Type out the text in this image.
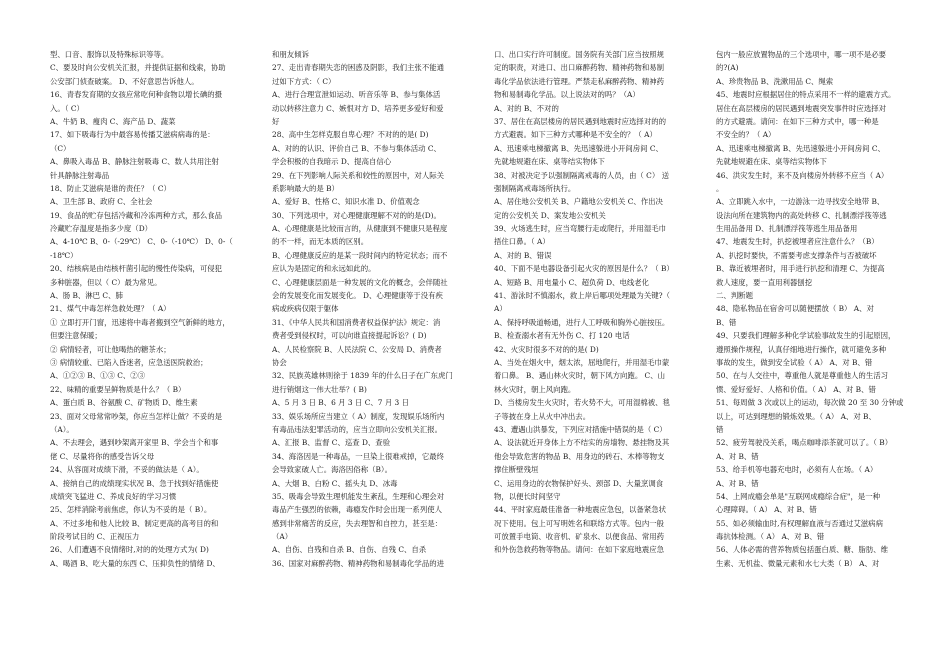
型、口音、服饰以及特殊标识等等。
C、要及时向公安机关汇报，并提供证据和线索，协助
公安部门侦查破案。 D、不好意思告诉他人。
16、青春发育期的女孩应常吃何种食物以增长碘的摄
入。（ C）
A、牛奶 B、瘦肉 C、海产品 D、蔬菜
17、如下吸毒行为中最容易传播艾滋病病毒的是：
（C）
A、鼻吸入毒品 B、静脉注射吸毒 C、数人共用注射
针具静脉注射毒品
18、防止艾滋病是谁的责任？（ C）
A、卫生部 B、政府 C、全社会
19、食品的贮存包括冷藏和冷冻两种方式，那么食品
冷藏贮存温度是指多少度（D）
A、4-10℃ B、0-（-29℃） C、0-（-10℃） D、0-（
-18℃）
20、结核病是由结核杆菌引起的慢性传染病，可侵犯
多种脏器，但以（ C）最为常见。
A、肠 B、淋巴 C、肺
21、煤气中毒怎样急救处理？（ A）
① 立即打开门窗，迅速将中毒者搬到空气新鲜的地方，
但要注意保暖；
② 病情轻者，可让他喝热的糖茶水；
③ 病情较重、已陷入昏迷者，应急送医院救治；
A、①②③ B、①③ C、②③
22、味精的重要呈鲜物质是什么？（ B）
A、蛋白质 B、谷氨酸 C、矿物质 D、维生素
23、面对父母常常吵架，你应当怎样让做？不妥的是
（A）。
A、不去理会，遇到吵架离开家里 B、学会当个和事
佬 C、尽量将你的感受告诉父母
24、从容面对成绩下滑，不妥的做法是（ A）。
A、接纳自己的成绩现实状况 B、急于找到好措施使
成绩突飞猛进 C、养成良好的学习习惯
25、怎样消除考前焦虑，你认为不妥的是（ B）。
A、不过多地和他人比较 B、制定更高的高考目的和
阶段考试目的 C、正视压力
26、人们遭遇不良情绪时,对的的处理方式为( D)
A、喝酒 B、吃大量的东西 C、压抑负性的情绪 D、
和朋友倾诉
27、走出青春期失恋的困惑及阴影，我们主张不能通
过如下方式：（ C）
A、进行合理宣泄如运动、听音乐等 B、参与集体活
动以转移注意力 C、嫉恨对方 D、培养更多爱好和爱
好
28、高中生怎样克服自卑心理？不对的的是( D)
A、对的的认识、评价自己 B、不参与集体活动 C、
学会积极的自我暗示 D、提高自信心
29、在下列影响人际关系和较性的原因中，对人际关
系影响最大的是 B）
A、爱好 B、性格 C、知识水准 D、价值观念
30、下列选项中，对心理健康理解不对的的是(D)。
A、心理健康是比较而言的，从健康到不健康只是程度
的不一样，而无本质的区别。
B、心理健康反应的是某一段时间内的特定状态；而不
应认为是固定的和永远如此的。
C、心理健康层面是一种发展的文化的概念，会伴随社
会的发展变化而发展变化。 D、心理健康等于没有疾
病或疾病仅限于躯体
31、《中华人民共和国消费者权益保护法》规定：消
费者受到侵权时，可以向谁直接提起诉讼？( D)
A、人民检察院 B、人民法院 C、公安局 D、消费者
协会
32、民族英雄林则徐于 1839 年的什么日子在广东虎门
进行销烟这一伟大壮举？( B)
A、5 月 3 日 B、6 月 3 日 C、7 月 3 日
33、娱乐场所应当建立（ A）制度，发现娱乐场所内
有毒品违法犯罪活动的，应当立即向公安机关汇报。
A、汇报 B、监督 C、巡查 D、查验
34、海洛因是一种毒品，一旦染上很难戒掉，它最终
会导致家破人亡。海洛因俗称（B）。
A、大烟 B、白粉 C、摇头丸 D、冰毒
35、吸毒会导致生理机能发生紊乱，生理和心理会对
毒品产生强烈的依赖，毒瘾发作时会出现一系列使人
感到非常痛苦的反应，失去理智和自控力，甚至是：
（A）
A、自伤、自残和自杀 B、自伤、自残 C、自杀
36、国家对麻醉药物、精神药物和易制毒化学品的进
口、出口实行许可制度。国务院有关部门应当按照规
定的职责，对进口、出口麻醉药物、精神药物和易制
毒化学品依法进行管理。严禁走私麻醉药物、精神药
物和易制毒化学品。以上说法对的吗？（A）
A、对的 B、不对的
37、居住在高层楼房的居民遇到地震时应选择对的的
方式避震。如下三种方式哪种是不安全的？（ A）
A、迅速乘电梯撤离 B、先迅速躲进小开间房间 C、
先就地规避在床、桌等结实物体下
38、对被决定予以强制隔离戒毒的人员，由（ C） 送
强制隔离戒毒场所执行。
A、居住地公安机关 B、户籍地公安机关 C、作出决
定的公安机关 D、案发地公安机关
39、火场逃生时，应当弯腰行走或爬行，并用湿毛巾
捂住口鼻。（ A）
A、对的 B、错误
40、下面不是电器设备引起火灾的原因是什么？（ B）
A、短路 B、用电量小 C、超负荷 D、电线老化
41、游泳时不慎溺水，救上岸后哪项处理最为关键?（
A）
A、保持呼吸道畅通，进行人工呼吸和胸外心脏按压。
B、检查溺水者有无外伤 C、打 120 电话
42、火灾时很多不对的的是( D)
A、当处在烟火中，烟太浓，屈地爬行，并用湿毛巾蒙
着口鼻。 B、遇山林火灾时，朝下风方向跑。 C、山
林火灾时，朝上风向跑。
D、当楼房发生火灾时，若火势不大，可用湿棉被、毯
子等披在身上从火中冲出去。
43、遭遇山洪暴发，下列应对措施中错误的是（ C）
A、设法就近开身体上方不结实的房墙物、悬挂物及其
他会导致危害的物品 B、用身边的砖石、木棒等物支
撑住断壁残垣
C、运用身边的衣物保护好头、颈部 D、大量烹调食
物，以便长时间坚守
44、平时家庭最佳准备一种地震应急包，以备紧急状
况下使用。包上可写明姓名和联络方式等。包内一般
可放置手电筒、收音机、矿泉水、以便食品、常用药
和外伤急救药物等物品。请问：在如下家庭地震应急
包内一般应放置物品的三个选项中，哪一项不是必要
的?(A)
A、珍贵物品 B、洗漱用品 C、绳索
45、地震时应根据居住的特点采用不一样的避震方式。
居住在高层楼房的居民遇到地震突发事件时应选择对
的方式避震。请问：在如下三种方式中，哪一种是
不安全的？（ A）
A、迅速乘电梯撤离 B、先迅速躲进小开间房间 C、
先就地规避在床、桌等结实物体下
46、洪灾发生时，来不及向楼房外转移不应当（ A）
。
A、立即跳入水中，一边游泳一边寻找安全地带 B、
设法向所在建筑物内的高处转移 C、扎制漂浮筏等逃
生用品备用 D、扎制漂浮筏等逃生用品备用
47、地震发生时，扒挖被埋者应注意什么？（B）
A、扒挖时要快，不需要考虑支撑条件与否被破坏
B、靠近被埋者时，用手进行扒挖和清理 C、为提高
救人速度，要一直用利器刨挖
二、判断题
48、隐私物品在宿舍可以随便摆放（ B） A、对
B、错
49、只要我们理解多种化学试验事故发生的引起原因，
遵照操作规程，认真仔细地进行操作，就可避免多种
事故的发生，做到安全试验（ A） A、对 B、错
50、在与人交往中，尊重他人就是尊重他人的生活习
惯、爱好爱好、人格和价值。（ A） A、对 B、错
51、每周做 3 次或以上的运动，每次做 20 至 30 分钟或
以上，可达到理想的锻炼效果。（ A） A、对 B、
错
52、疲劳驾驶没关系，喝点咖啡添茶就可以了。（ B）
A、对 B、错
53、给手机等电器充电时，必须有人在场。（ A）
A、对 B、错
54、上网成瘾会单是"互联网成瘾综合症"，是一种
心理障碍。（ A） A、对 B、错
55、如必须输血时,有权理解血液与否通过艾滋病病
毒抗体检测。（ A） A、对 B、错
56、人体必需的营养物质包括蛋白质、糖、脂肪、维
生素、无机盐、微量元素和水七大类（ B） A、对
